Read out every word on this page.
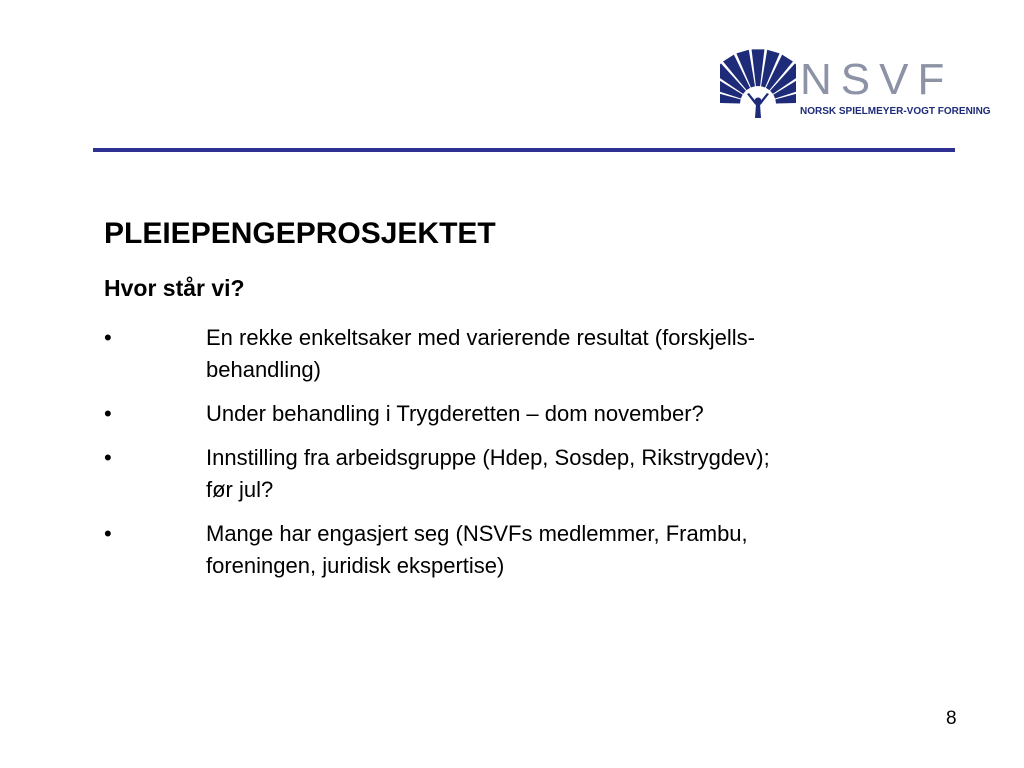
NSVF
NORSK SPIELMEYER-VOGT FORENING
PLEIEPENGEPROSJEKTET
Hvor står vi?
•	En rekke enkeltsaker med varierende resultat (forskjells-
behandling)
•	Under behandling i Trygderetten – dom november?
•	Innstilling fra arbeidsgruppe (Hdep, Sosdep, Rikstrygdev);
før jul?
•	Mange har engasjert seg (NSVFs medlemmer, Frambu,
foreningen, juridisk ekspertise)
8
